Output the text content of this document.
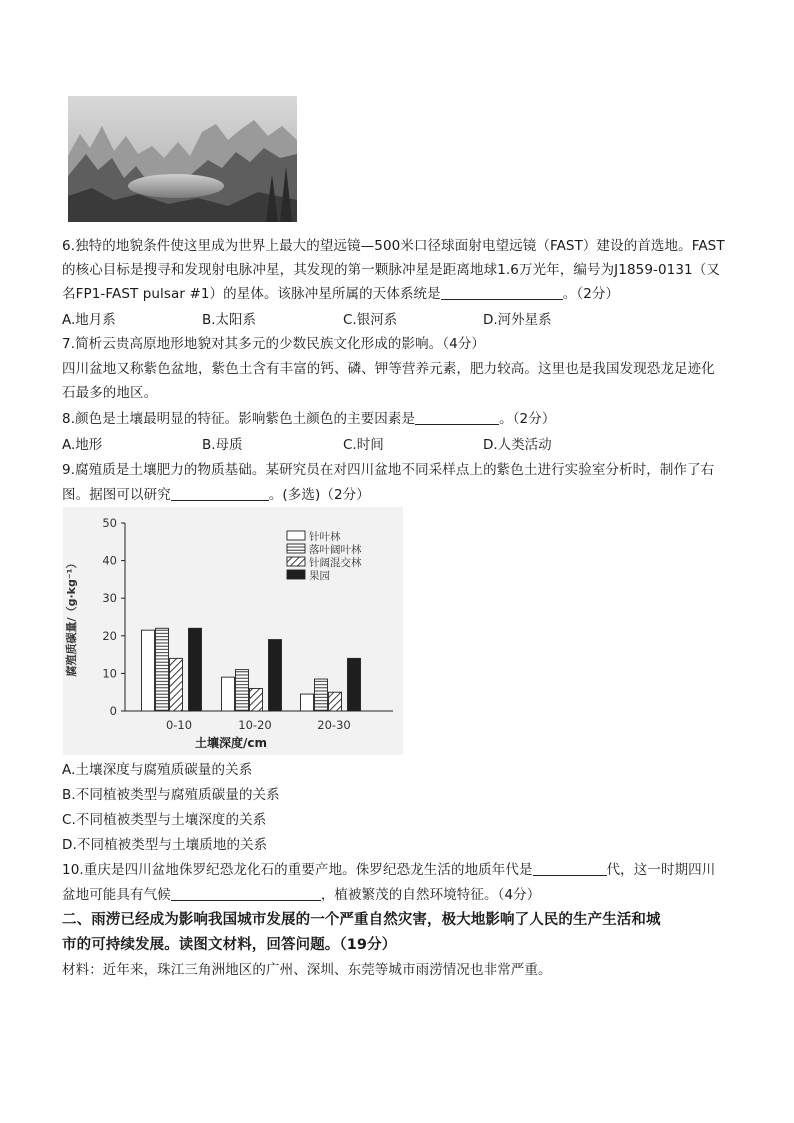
6.独特的地貌条件使这里成为世界上最大的望远镜—500米口径球面射电望远镜（FAST）建设的首选地。FAST
的核心目标是搜寻和发现射电脉冲星，其发现的第一颗脉冲星是距离地球1.6万光年，编号为J1859-0131（又
名FP1-FAST pulsar #1）的星体。该脉冲星所属的天体系统是	。（2分）
A.地月系	B.太阳系	C.银河系	D.河外星系
7.简析云贵高原地形地貌对其多元的少数民族文化形成的影响。（4分）
四川盆地又称紫色盆地，紫色土含有丰富的钙、磷、钾等营养元素，肥力较高。这里也是我国发现恐龙足迹化
石最多的地区。
8.颜色是土壤最明显的特征。影响紫色土颜色的主要因素是	。（2分）
A.地形	B.母质	C.时间	D.人类活动
9.腐殖质是土壤肥力的物质基础。某研究员在对四川盆地不同采样点上的紫色土进行实验室分析时，制作了右
图。据图可以研究	。(多选)（2分）
0
10
20
30
40
50
0-10	10-20	20-30
针叶林
落叶阔叶林
针阔混交林
果园
腐殖质碳量/（g·kg⁻¹）
土壤深度/cm
A.土壤深度与腐殖质碳量的关系
B.不同植被类型与腐殖质碳量的关系
C.不同植被类型与土壤深度的关系
D.不同植被类型与土壤质地的关系
10.重庆是四川盆地侏罗纪恐龙化石的重要产地。侏罗纪恐龙生活的地质年代是	代，这一时期四川
盆地可能具有气候	，植被繁茂的自然环境特征。（4分）
二、雨涝已经成为影响我国城市发展的一个严重自然灾害，极大地影响了人民的生产生活和城
市的可持续发展。读图文材料，回答问题。（19分）
材料：近年来，珠江三角洲地区的广州、深圳、东莞等城市雨涝情况也非常严重。
